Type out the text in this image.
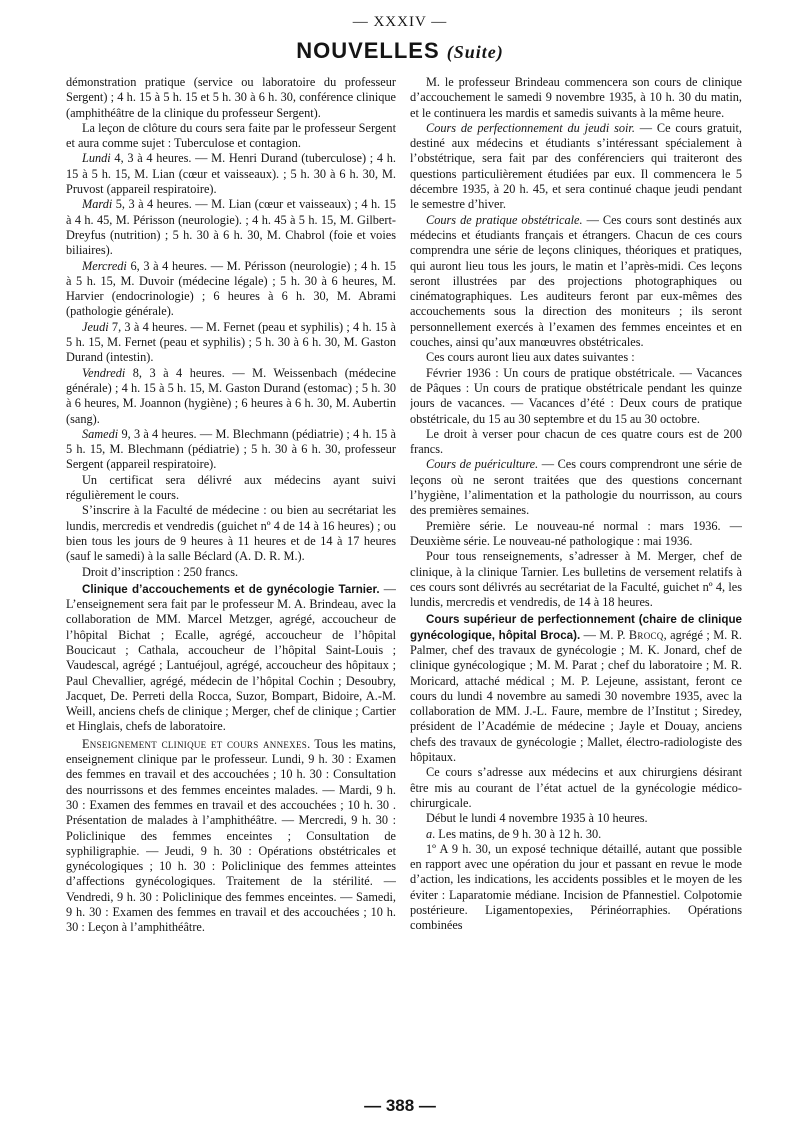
— XXXIV —
NOUVELLES (Suite)

démonstration pratique (service ou laboratoire du professeur Sergent) ; 4 h. 15 à 5 h. 15 et 5 h. 30 à 6 h. 30, conférence clinique (amphithéâtre de la clinique du professeur Sergent).

La leçon de clôture du cours sera faite par le professeur Sergent et aura comme sujet : Tuberculose et contagion.

Lundi 4, 3 à 4 heures. — M. Henri Durand (tuberculose) ; 4 h. 15 à 5 h. 15, M. Lian (cœur et vaisseaux). ; 5 h. 30 à 6 h. 30, M. Pruvost (appareil respiratoire).

Mardi 5, 3 à 4 heures. — M. Lian (cœur et vaisseaux) ; 4 h. 15 à 4 h. 45, M. Périsson (neurologie). ; 4 h. 45 à 5 h. 15, M. Gilbert-Dreyfus (nutrition) ; 5 h. 30 à 6 h. 30, M. Chabrol (foie et voies biliaires).

Mercredi 6, 3 à 4 heures. — M. Périsson (neurologie) ; 4 h. 15 à 5 h. 15, M. Duvoir (médecine légale) ; 5 h. 30 à 6 heures, M. Harvier (endocrinologie) ; 6 heures à 6 h. 30, M. Abrami (pathologie générale).

Jeudi 7, 3 à 4 heures. — M. Fernet (peau et syphilis) ; 4 h. 15 à 5 h. 15, M. Fernet (peau et syphilis) ; 5 h. 30 à 6 h. 30, M. Gaston Durand (intestin).

Vendredi 8, 3 à 4 heures. — M. Weissenbach (médecine générale) ; 4 h. 15 à 5 h. 15, M. Gaston Durand (estomac) ; 5 h. 30 à 6 heures, M. Joannon (hygiène) ; 6 heures à 6 h. 30, M. Aubertin (sang).

Samedi 9, 3 à 4 heures. — M. Blechmann (pédiatrie) ; 4 h. 15 à 5 h. 15, M. Blechmann (pédiatrie) ; 5 h. 30 à 6 h. 30, professeur Sergent (appareil respiratoire).

Un certificat sera délivré aux médecins ayant suivi régulièrement le cours.

S’inscrire à la Faculté de médecine : ou bien au secrétariat les lundis, mercredis et vendredis (guichet nº 4 de 14 à 16 heures) ; ou bien tous les jours de 9 heures à 11 heures et de 14 à 17 heures (sauf le samedi) à la salle Béclard (A. D. R. M.).

Droit d’inscription : 250 francs.

Clinique d’accouchements et de gynécologie Tarnier. — L’enseignement sera fait par le professeur M. A. Brindeau, avec la collaboration de MM. Marcel Metzger, agrégé, accoucheur de l’hôpital Bichat ; Ecalle, agrégé, accoucheur de l’hôpital Boucicaut ; Cathala, accoucheur de l’hôpital Saint-Louis ; Vaudescal, agrégé ; Lantuéjoul, agrégé, accoucheur des hôpitaux ; Paul Chevallier, agrégé, médecin de l’hôpital Cochin ; Desoubry, Jacquet, De. Perreti della Rocca, Suzor, Bompart, Bidoire, A.-M. Weill, anciens chefs de clinique ; Merger, chef de clinique ; Cartier et Hinglais, chefs de laboratoire.

Enseignement clinique et cours annexes. Tous les matins, enseignement clinique par le professeur. Lundi, 9 h. 30 : Examen des femmes en travail et des accouchées ; 10 h. 30 : Consultation des nourrissons et des femmes enceintes malades. — Mardi, 9 h. 30 : Examen des femmes en travail et des accouchées ; 10 h. 30 . Présentation de malades à l’amphithéâtre. — Mercredi, 9 h. 30 : Policlinique des femmes enceintes ; Consultation de syphiligraphie. — Jeudi, 9 h. 30 : Opérations obstétricales et gynécologiques ; 10 h. 30 : Policlinique des femmes atteintes d’affections gynécologiques. Traitement de la stérilité. — Vendredi, 9 h. 30 : Policlinique des femmes enceintes. — Samedi, 9 h. 30 : Examen des femmes en travail et des accouchées ; 10 h. 30 : Leçon à l’amphithéâtre.

M. le professeur Brindeau commencera son cours de clinique d’accouchement le samedi 9 novembre 1935, à 10 h. 30 du matin, et le continuera les mardis et samedis suivants à la même heure.

Cours de perfectionnement du jeudi soir. — Ce cours gratuit, destiné aux médecins et étudiants s’intéressant spécialement à l’obstétrique, sera fait par des conférenciers qui traiteront des questions particulièrement étudiées par eux. Il commencera le 5 décembre 1935, à 20 h. 45, et sera continué chaque jeudi pendant le semestre d’hiver.

Cours de pratique obstétricale. — Ces cours sont destinés aux médecins et étudiants français et étrangers. Chacun de ces cours comprendra une série de leçons cliniques, théoriques et pratiques, qui auront lieu tous les jours, le matin et l’après-midi. Ces leçons seront illustrées par des projections photographiques ou cinématographiques. Les auditeurs feront par eux-mêmes des accouchements sous la direction des moniteurs ; ils seront personnellement exercés à l’examen des femmes enceintes et en couches, ainsi qu’aux manœuvres obstétricales.

Ces cours auront lieu aux dates suivantes :

Février 1936 : Un cours de pratique obstétricale. — Vacances de Pâques : Un cours de pratique obstétricale pendant les quinze jours de vacances. — Vacances d’été : Deux cours de pratique obstétricale, du 15 au 30 septembre et du 15 au 30 octobre.

Le droit à verser pour chacun de ces quatre cours est de 200 francs.

Cours de puériculture. — Ces cours comprendront une série de leçons où ne seront traitées que des questions concernant l’hygiène, l’alimentation et la pathologie du nourrisson, au cours des premières semaines.

Première série. Le nouveau-né normal : mars 1936. — Deuxième série. Le nouveau-né pathologique : mai 1936.

Pour tous renseignements, s’adresser à M. Merger, chef de clinique, à la clinique Tarnier. Les bulletins de versement relatifs à ces cours sont délivrés au secrétariat de la Faculté, guichet nº 4, les lundis, mercredis et vendredis, de 14 à 18 heures.

Cours supérieur de perfectionnement (chaire de clinique gynécologique, hôpital Broca). — M. P. Brocq, agrégé ; M. R. Palmer, chef des travaux de gynécologie ; M. K. Jonard, chef de clinique gynécologique ; M. M. Parat ; chef du laboratoire ; M. R. Moricard, attaché médical ; M. P. Lejeune, assistant, feront ce cours du lundi 4 novembre au samedi 30 novembre 1935, avec la collaboration de MM. J.-L. Faure, membre de l’Institut ; Siredey, président de l’Académie de médecine ; Jayle et Douay, anciens chefs des travaux de gynécologie ; Mallet, électro-radiologiste des hôpitaux.

Ce cours s’adresse aux médecins et aux chirurgiens désirant être mis au courant de l’état actuel de la gynécologie médico-chirurgicale.

Début le lundi 4 novembre 1935 à 10 heures.

a. Les matins, de 9 h. 30 à 12 h. 30.

1º A 9 h. 30, un exposé technique détaillé, autant que possible en rapport avec une opération du jour et passant en revue le mode d’action, les indications, les accidents possibles et le moyen de les éviter : Laparatomie médiane. Incision de Pfannestiel. Colpotomie postérieure. Ligamentopexies, Périnéorraphies. Opérations combinées

— 388 —
